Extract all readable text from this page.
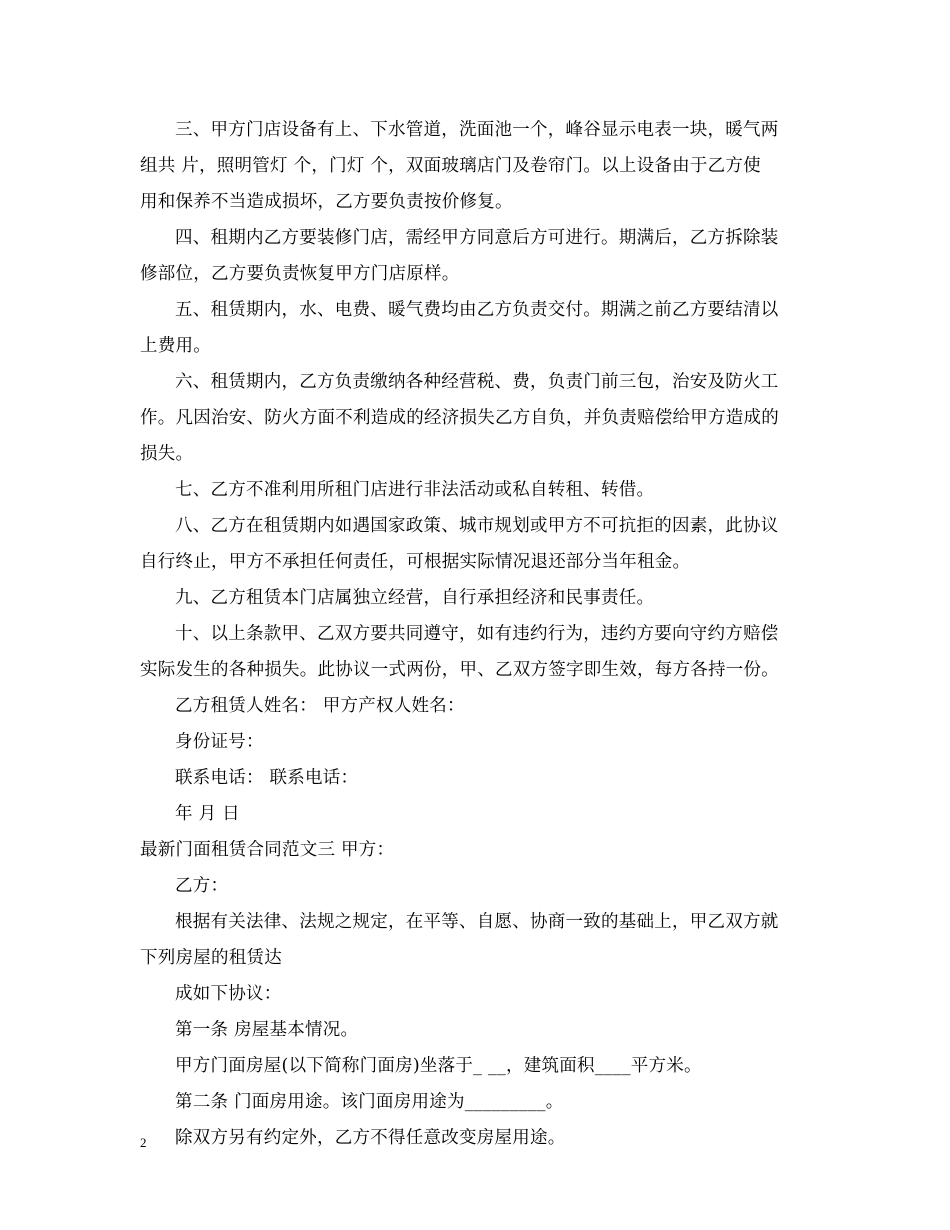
三、甲方门店设备有上、下水管道，洗面池一个，峰谷显示电表一块，暖气两
组共 片，照明管灯 个，门灯 个，双面玻璃店门及卷帘门。以上设备由于乙方使
用和保养不当造成损坏，乙方要负责按价修复。
四、租期内乙方要装修门店，需经甲方同意后方可进行。期满后，乙方拆除装
修部位，乙方要负责恢复甲方门店原样。
五、租赁期内，水、电费、暖气费均由乙方负责交付。期满之前乙方要结清以
上费用。
六、租赁期内，乙方负责缴纳各种经营税、费，负责门前三包，治安及防火工
作。凡因治安、防火方面不利造成的经济损失乙方自负，并负责赔偿给甲方造成的
损失。
七、乙方不准利用所租门店进行非法活动或私自转租、转借。
八、乙方在租赁期内如遇国家政策、城市规划或甲方不可抗拒的因素，此协议
自行终止，甲方不承担任何责任，可根据实际情况退还部分当年租金。
九、乙方租赁本门店属独立经营，自行承担经济和民事责任。
十、以上条款甲、乙双方要共同遵守，如有违约行为，违约方要向守约方赔偿
实际发生的各种损失。此协议一式两份，甲、乙双方签字即生效，每方各持一份。
乙方租赁人姓名： 甲方产权人姓名：
身份证号：
联系电话： 联系电话：
年 月 日
最新门面租赁合同范文三 甲方：
乙方：
根据有关法律、法规之规定，在平等、自愿、协商一致的基础上，甲乙双方就
下列房屋的租赁达
成如下协议：
第一条 房屋基本情况。
甲方门面房屋(以下简称门面房)坐落于_ __，建筑面积____平方米。
第二条 门面房用途。该门面房用途为_________。
除双方另有约定外，乙方不得任意改变房屋用途。
2
